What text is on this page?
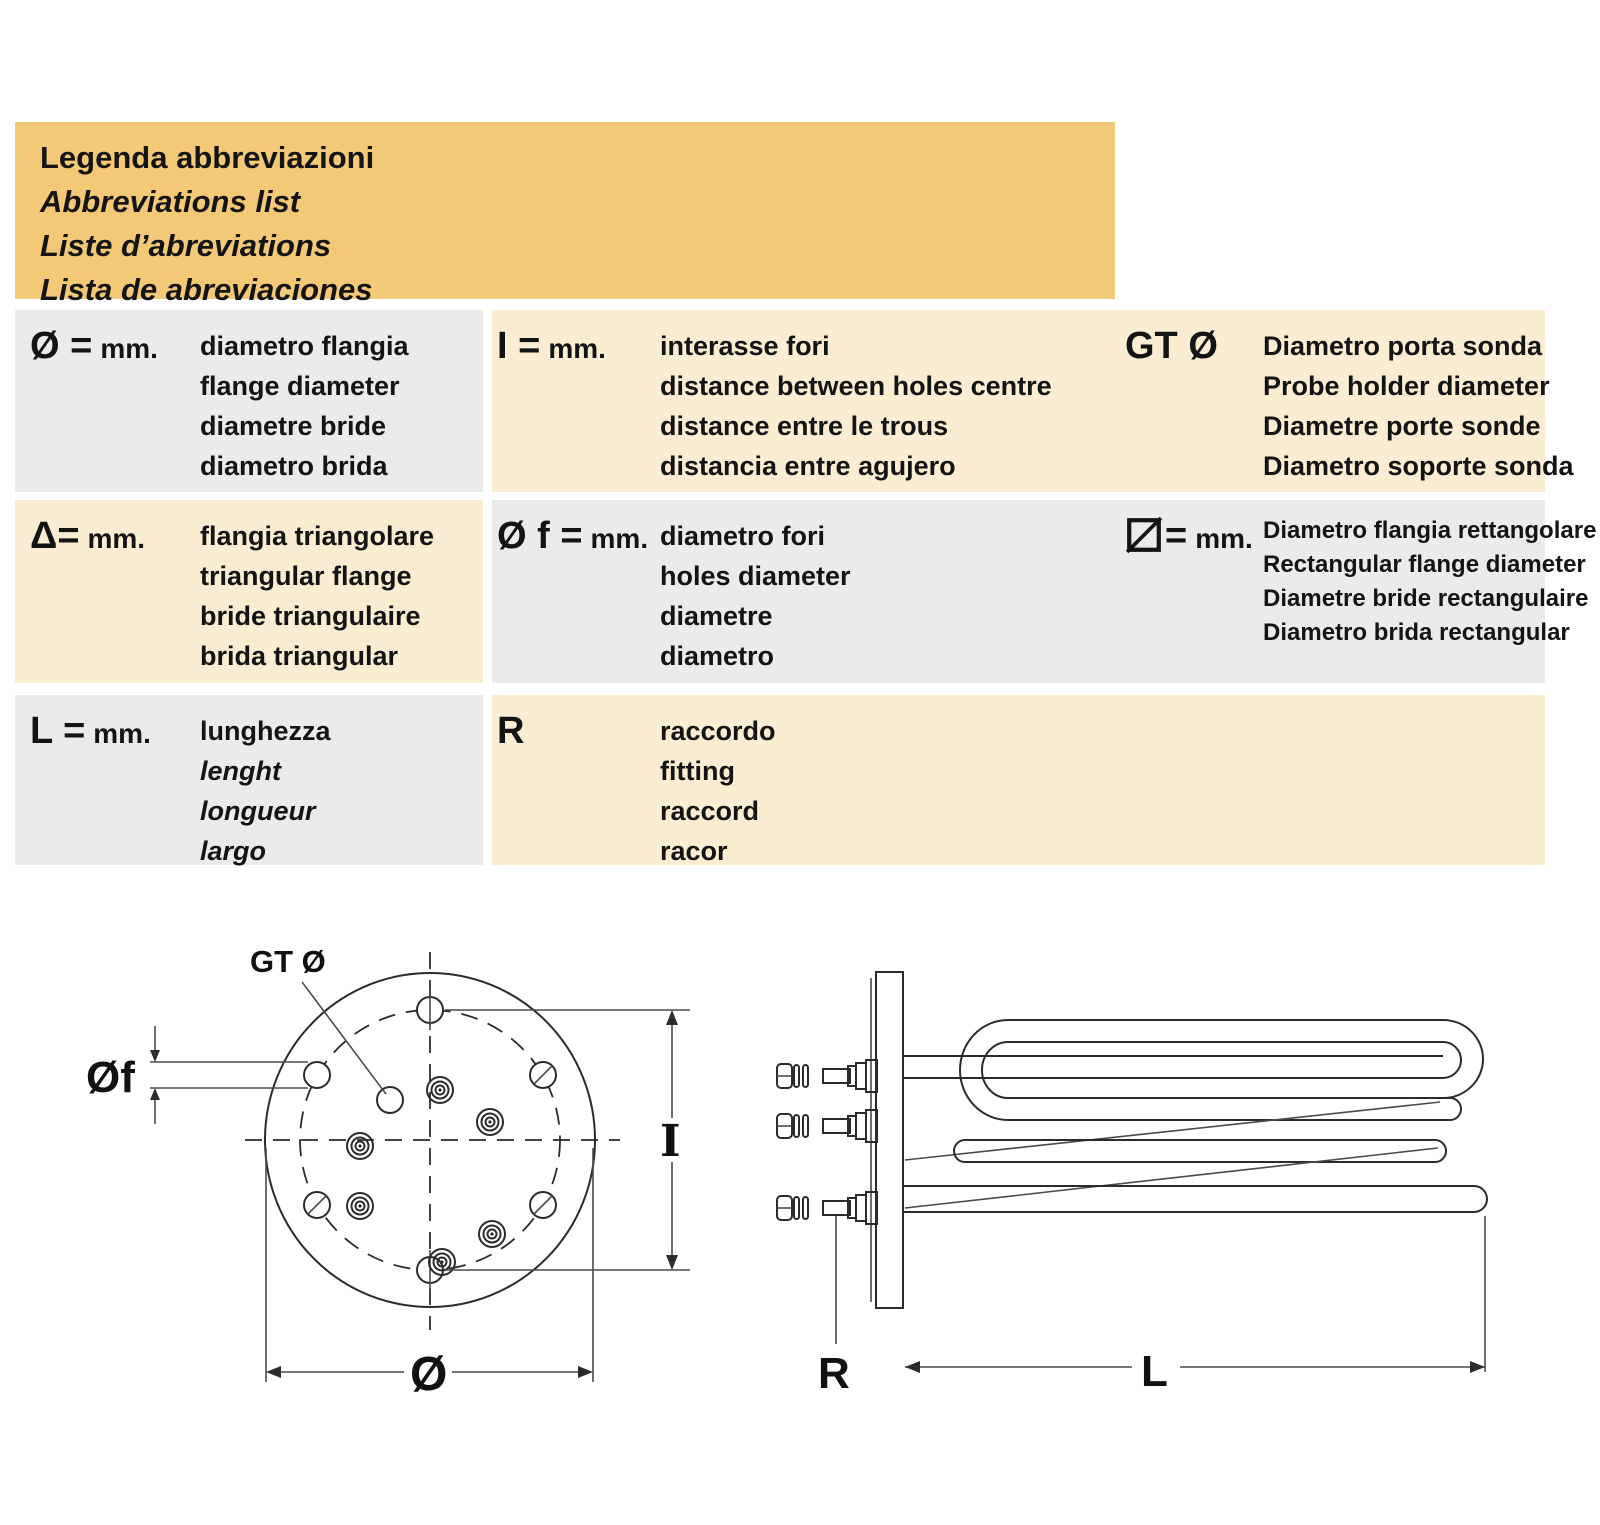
Legenda abbreviazioni
Abbreviations list
Liste d’abreviations
Lista de abreviaciones
Ø = mm. diametro flangia
flange diameter
diametre bride
diametro brida
I = mm. interasse fori
distance between holes centre
distance entre le trous
distancia entre agujero
GT Ø Diametro porta sonda
Probe holder diameter
Diametre porte sonde
Diametro soporte sonda
Δ= mm. flangia triangolare
triangular flange
bride triangulaire
brida triangular
Ø f = mm. diametro fori
holes diameter
diametre
diametro
= mm. Diametro flangia rettangolare
Rectangular flange diameter
Diametre bride rectangulaire
Diametro brida rectangular
L = mm. lunghezza
lenght
longueur
largo
R	raccordo
fitting
raccord
racor
GT Ø
Øf
I
Ø	R	L
